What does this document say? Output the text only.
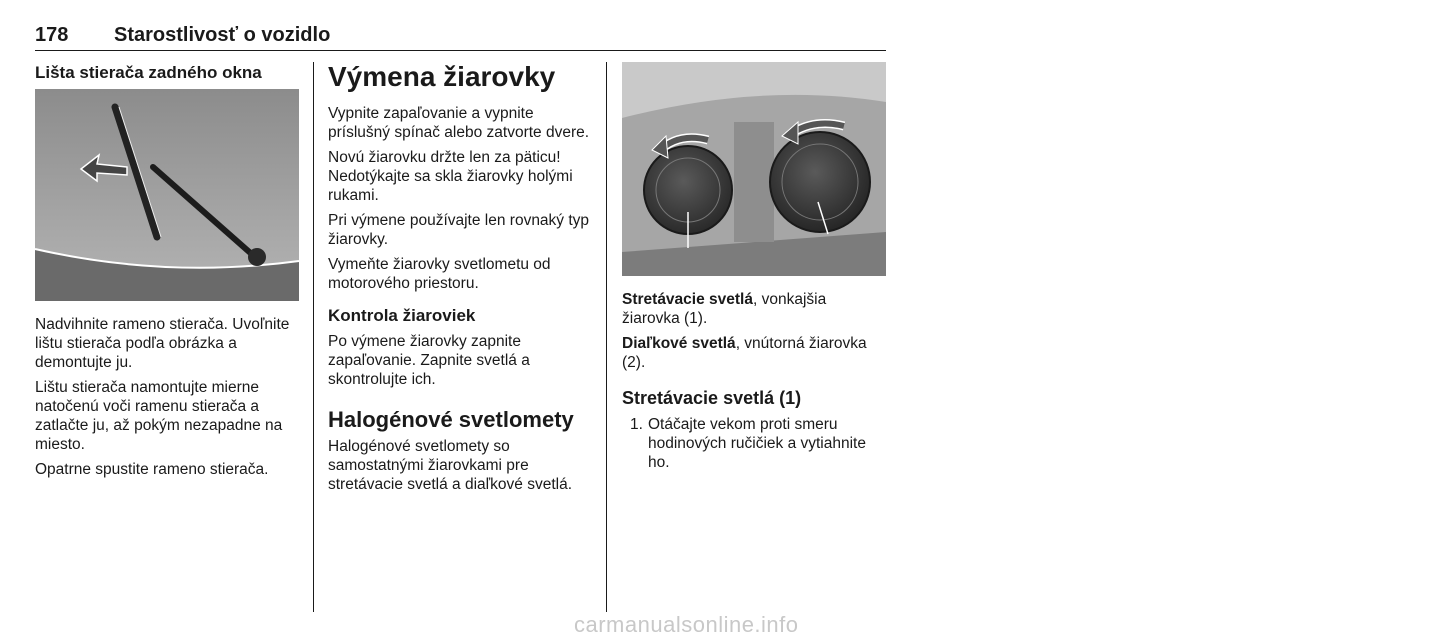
178 Starostlivosť o vozidlo
Lišta stierača zadného okna

Nadvihnite rameno stierača. Uvoľnite lištu stierača podľa obrázka a demontujte ju.

Lištu stierača namontujte mierne natočenú voči ramenu stierača a zatlačte ju, až pokým nezapadne na miesto.

Opatrne spustite rameno stierača.

Výmena žiarovky

Vypnite zapaľovanie a vypnite príslušný spínač alebo zatvorte dvere.

Novú žiarovku držte len za päticu! Nedotýkajte sa skla žiarovky holými rukami.

Pri výmene používajte len rovnaký typ žiarovky.

Vymeňte žiarovky svetlometu od motorového priestoru.

Kontrola žiaroviek

Po výmene žiarovky zapnite zapaľovanie. Zapnite svetlá a skontrolujte ich.

Halogénové svetlomety

Halogénové svetlomety so samostatnými žiarovkami pre stretávacie svetlá a diaľkové svetlá.

2	1

Stretávacie svetlá, vonkajšia žiarovka (1).

Diaľkové svetlá, vnútorná žiarovka (2).

Stretávacie svetlá (1)
1. Otáčajte vekom proti smeru hodinových ručičiek a vytiahnite ho.
carmanualsonline.info
